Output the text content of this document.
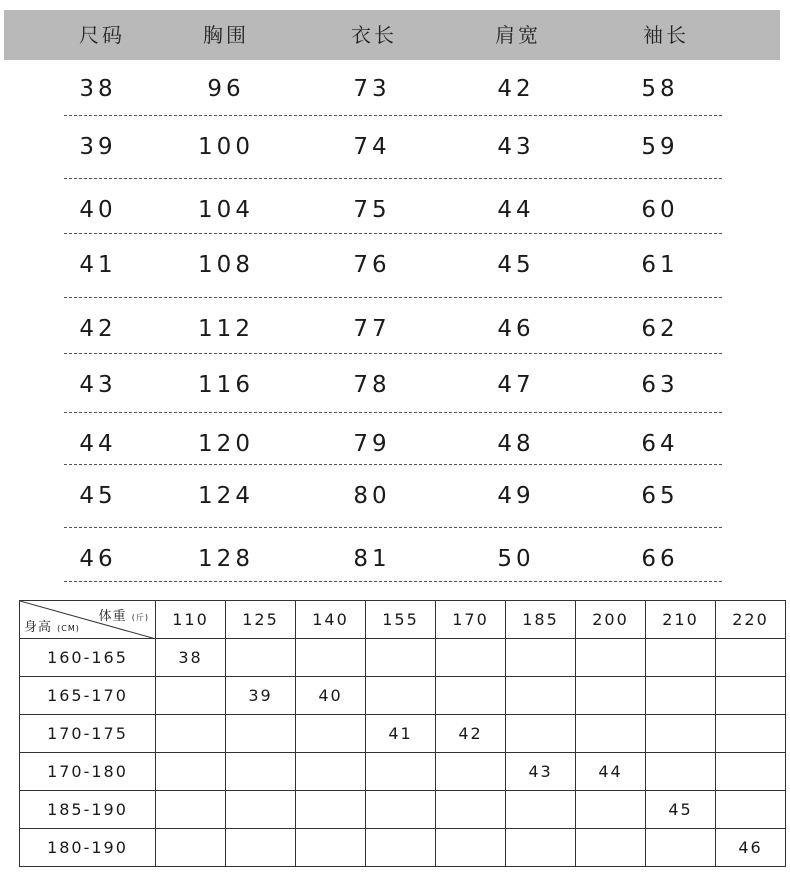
尺码	胸围	衣长	肩宽	袖长
38	96	73	42	58
39	100	74	43	59
40	104	75	44	60
41	108	76	45	61
42	112	77	46	62
43	116	78	47	63
44	120	79	48	64
45	124	80	49	65
46	128	81	50	66
体重 (斤)
身高 (CM)	110	125	140	155	170	185	200	210	220
160-165	38								
165-170		39	40						
170-175				41	42				
170-180						43	44		
185-190								45	
180-190									46
